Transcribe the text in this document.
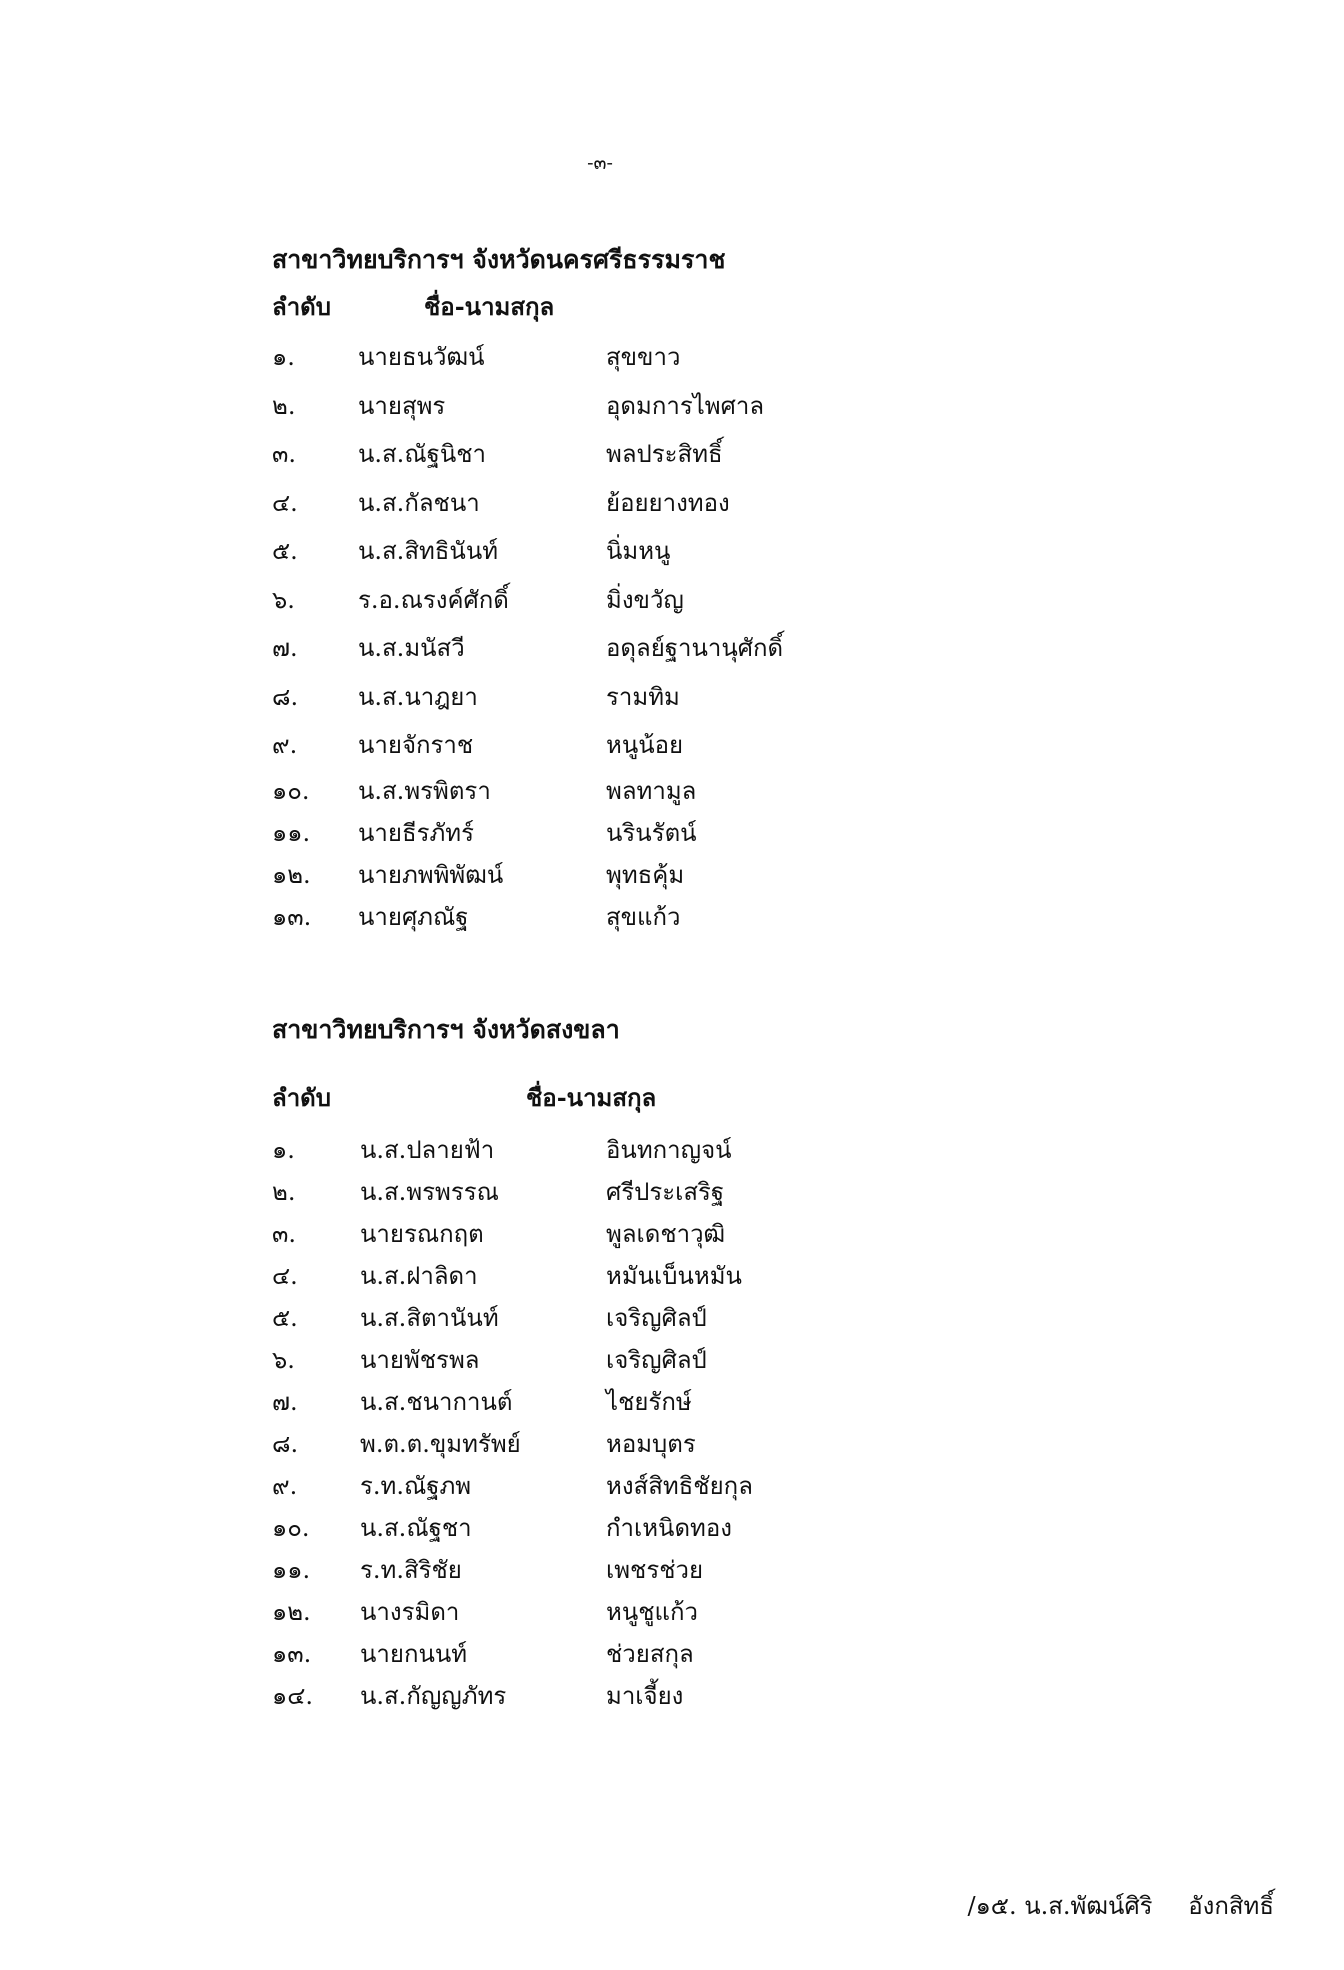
-๓-
สาขาวิทยบริการฯ จังหวัดนครศรีธรรมราช
ลำดับ	ชื่อ-นามสกุล
๑.	นายธนวัฒน์	สุขขาว
๒.	นายสุพร	อุดมการไพศาล
๓.	น.ส.ณัฐนิชา	พลประสิทธิ์
๔.	น.ส.กัลชนา	ย้อยยางทอง
๕.	น.ส.สิทธินันท์	นิ่มหนู
๖.	ร.อ.ณรงค์ศักดิ์	มิ่งขวัญ
๗.	น.ส.มนัสวี	อดุลย์ฐานานุศักดิ์
๘.	น.ส.นาฎยา	รามทิม
๙.	นายจักราช	หนูน้อย
๑๐.	น.ส.พรพิตรา	พลทามูล
๑๑.	นายธีรภัทร์	นรินรัตน์
๑๒.	นายภพพิพัฒน์	พุทธคุ้ม
๑๓.	นายศุภณัฐ	สุขแก้ว
สาขาวิทยบริการฯ จังหวัดสงขลา
ลำดับ	ชื่อ-นามสกุล
๑.	น.ส.ปลายฟ้า	อินทกาญจน์
๒.	น.ส.พรพรรณ	ศรีประเสริฐ
๓.	นายรณกฤต	พูลเดชาวุฒิ
๔.	น.ส.ฝาลิดา	หมันเบ็นหมัน
๕.	น.ส.สิตานันท์	เจริญศิลป์
๖.	นายพัชรพล	เจริญศิลป์
๗.	น.ส.ชนากานต์	ไชยรักษ์
๘.	พ.ต.ต.ขุมทรัพย์	หอมบุตร
๙.	ร.ท.ณัฐภพ	หงส์สิทธิชัยกุล
๑๐.	น.ส.ณัฐชา	กำเหนิดทอง
๑๑.	ร.ท.สิริชัย	เพชรช่วย
๑๒.	นางรมิดา	หนูชูแก้ว
๑๓.	นายกนนท์	ช่วยสกุล
๑๔.	น.ส.กัญญภัทร	มาเจี้ยง
/๑๕. น.ส.พัฒน์ศิริ อังกสิทธิ์
